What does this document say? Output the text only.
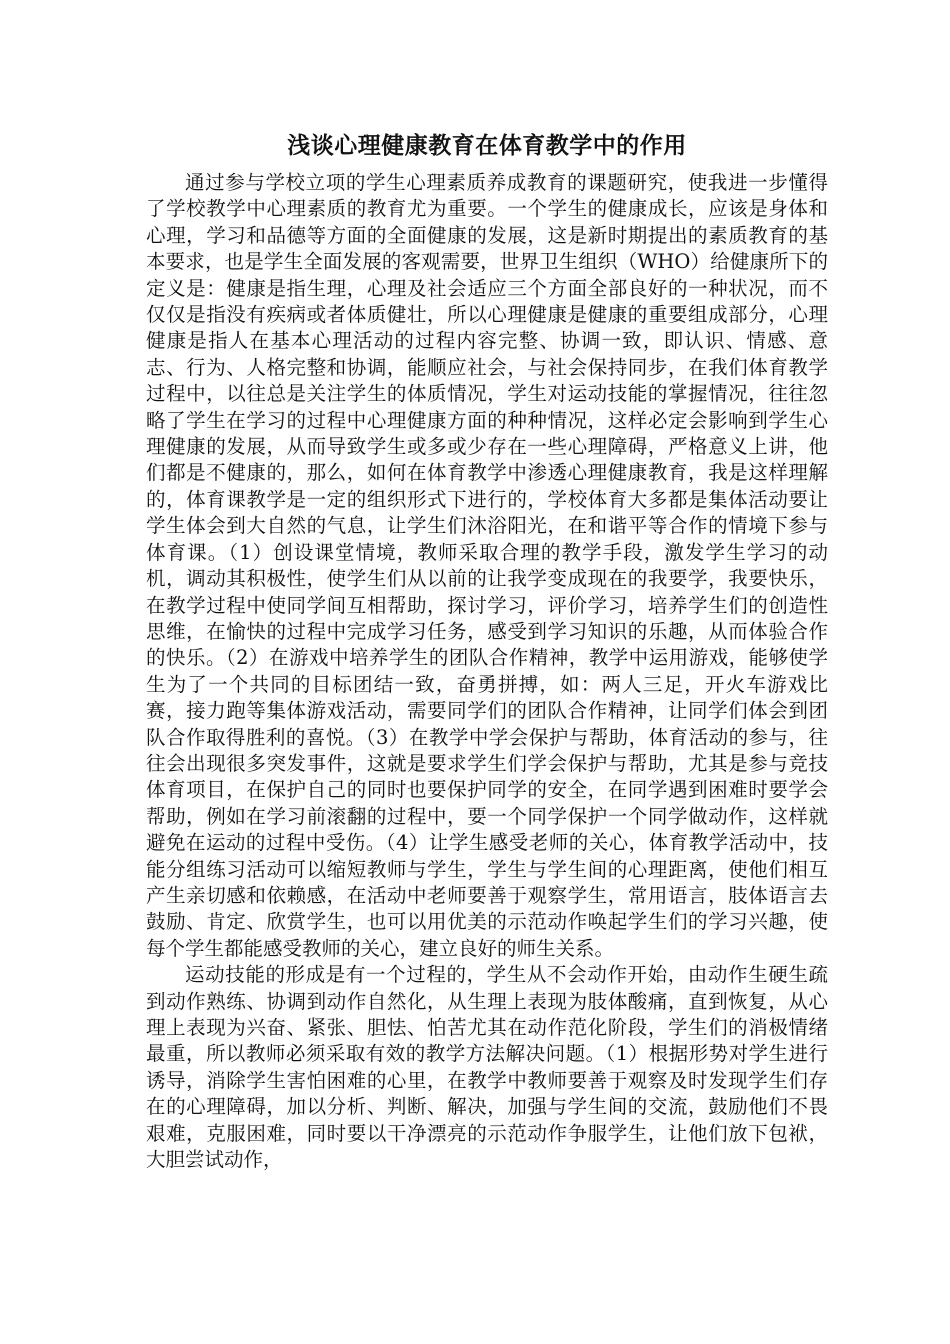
浅谈心理健康教育在体育教学中的作用

通过参与学校立项的学生心理素质养成教育的课题研究，使我进一步懂得了学校教学中心理素质的教育尤为重要。一个学生的健康成长，应该是身体和心理，学习和品德等方面的全面健康的发展，这是新时期提出的素质教育的基本要求，也是学生全面发展的客观需要，世界卫生组织（WHO）给健康所下的定义是：健康是指生理，心理及社会适应三个方面全部良好的一种状况，而不仅仅是指没有疾病或者体质健壮，所以心理健康是健康的重要组成部分，心理健康是指人在基本心理活动的过程内容完整、协调一致，即认识、情感、意志、行为、人格完整和协调，能顺应社会，与社会保持同步，在我们体育教学过程中，以往总是关注学生的体质情况，学生对运动技能的掌握情况，往往忽略了学生在学习的过程中心理健康方面的种种情况，这样必定会影响到学生心理健康的发展，从而导致学生或多或少存在一些心理障碍，严格意义上讲，他们都是不健康的，那么，如何在体育教学中渗透心理健康教育，我是这样理解的，体育课教学是一定的组织形式下进行的，学校体育大多都是集体活动要让学生体会到大自然的气息，让学生们沐浴阳光，在和谐平等合作的情境下参与体育课。（1）创设课堂情境，教师采取合理的教学手段，激发学生学习的动机，调动其积极性，使学生们从以前的让我学变成现在的我要学，我要快乐，在教学过程中使同学间互相帮助，探讨学习，评价学习，培养学生们的创造性思维，在愉快的过程中完成学习任务，感受到学习知识的乐趣，从而体验合作的快乐。（2）在游戏中培养学生的团队合作精神，教学中运用游戏，能够使学生为了一个共同的目标团结一致，奋勇拼搏，如：两人三足，开火车游戏比赛，接力跑等集体游戏活动，需要同学们的团队合作精神，让同学们体会到团队合作取得胜利的喜悦。（3）在教学中学会保护与帮助，体育活动的参与，往往会出现很多突发事件，这就是要求学生们学会保护与帮助，尤其是参与竞技体育项目，在保护自己的同时也要保护同学的安全，在同学遇到困难时要学会帮助，例如在学习前滚翻的过程中，要一个同学保护一个同学做动作，这样就避免在运动的过程中受伤。（4）让学生感受老师的关心，体育教学活动中，技能分组练习活动可以缩短教师与学生，学生与学生间的心理距离，使他们相互产生亲切感和依赖感，在活动中老师要善于观察学生，常用语言，肢体语言去鼓励、肯定、欣赏学生，也可以用优美的示范动作唤起学生们的学习兴趣，使每个学生都能感受教师的关心，建立良好的师生关系。

运动技能的形成是有一个过程的，学生从不会动作开始，由动作生硬生疏到动作熟练、协调到动作自然化，从生理上表现为肢体酸痛，直到恢复，从心理上表现为兴奋、紧张、胆怯、怕苦尤其在动作范化阶段，学生们的消极情绪最重，所以教师必须采取有效的教学方法解决问题。（1）根据形势对学生进行诱导，消除学生害怕困难的心里，在教学中教师要善于观察及时发现学生们存在的心理障碍，加以分析、判断、解决，加强与学生间的交流，鼓励他们不畏艰难，克服困难，同时要以干净漂亮的示范动作争服学生，让他们放下包袱，大胆尝试动作，
